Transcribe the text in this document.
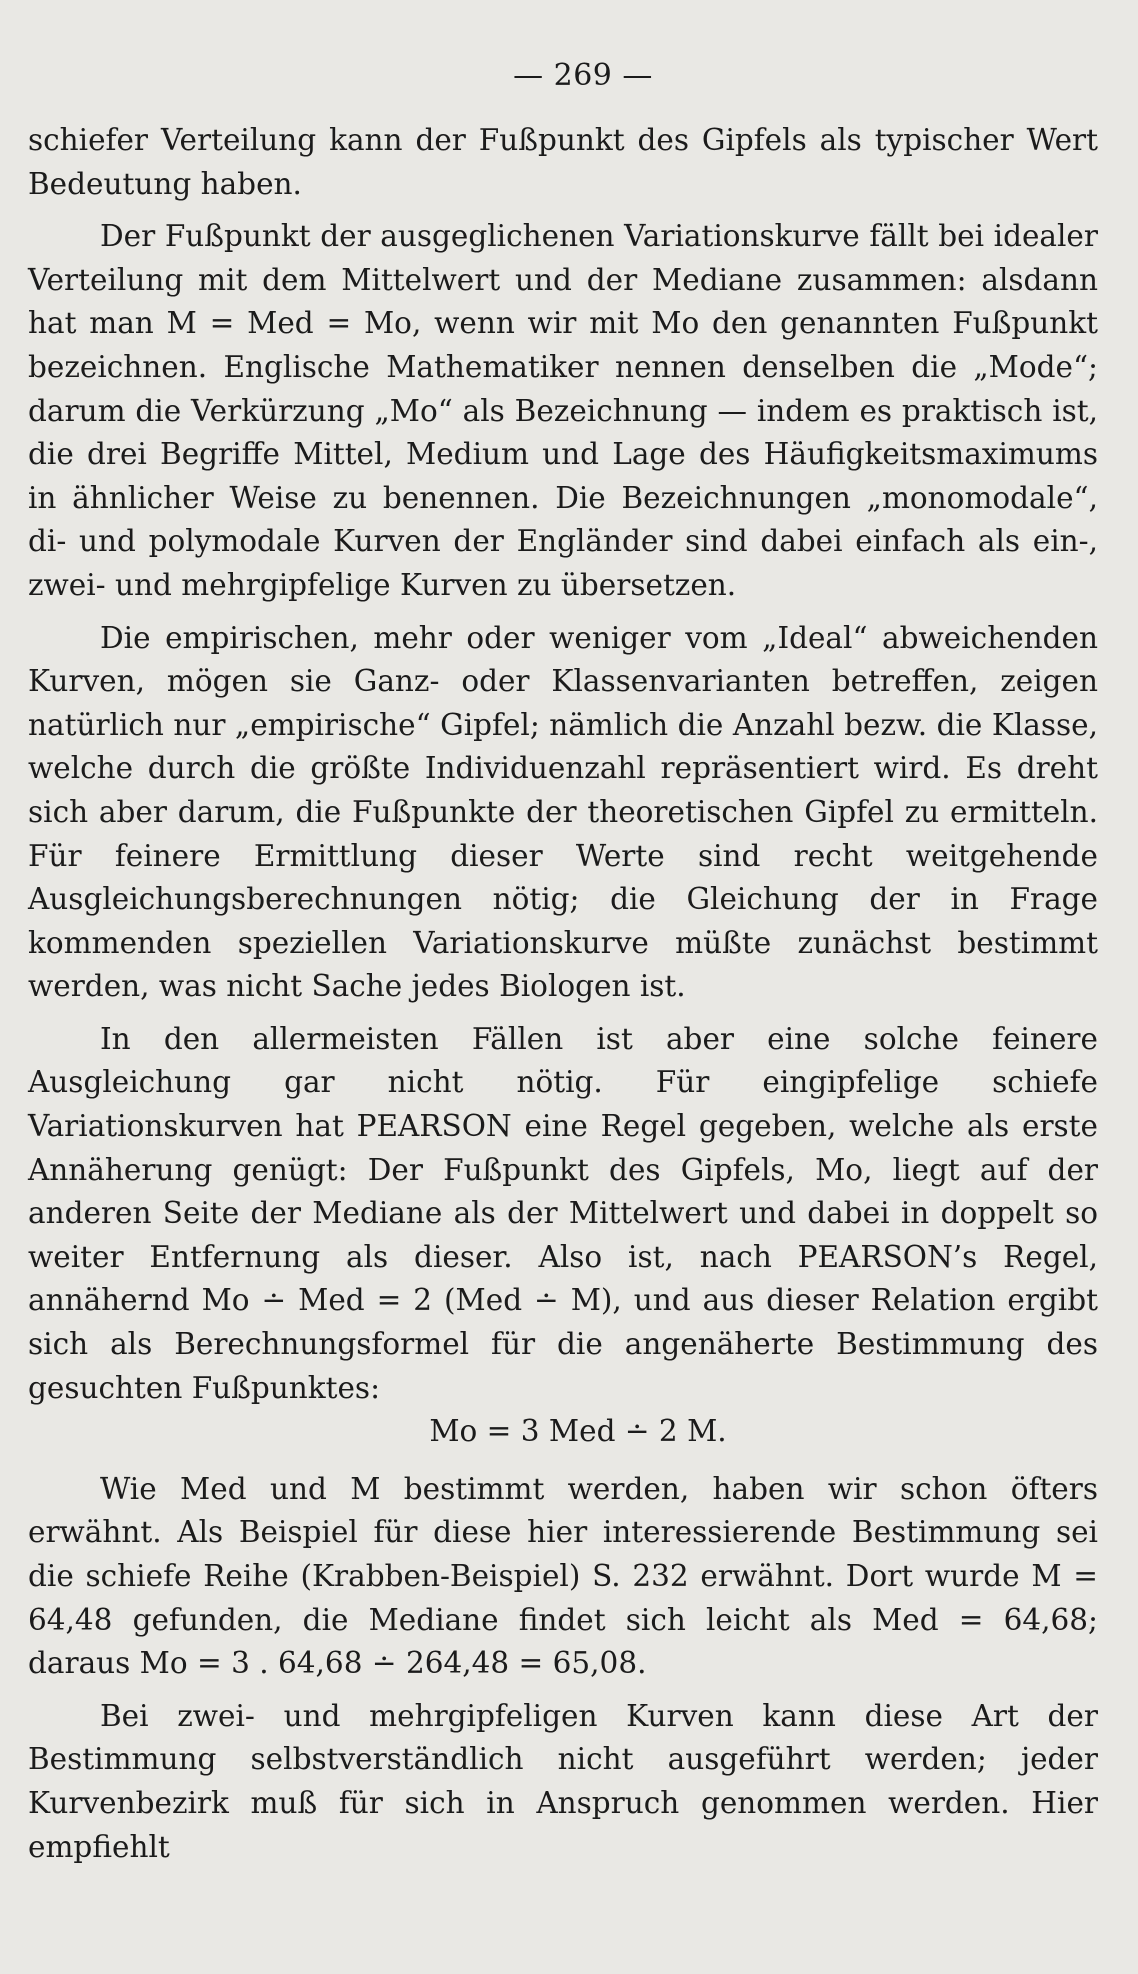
— 269 —

schiefer Verteilung kann der Fußpunkt des Gipfels als typischer Wert Bedeutung haben.

Der Fußpunkt der ausgeglichenen Variationskurve fällt bei idealer Verteilung mit dem Mittelwert und der Mediane zusammen: alsdann hat man M = Med = Mo, wenn wir mit Mo den genannten Fußpunkt bezeichnen. Englische Mathematiker nennen denselben die „Mode“; darum die Verkürzung „Mo“ als Bezeichnung — indem es praktisch ist, die drei Begriffe Mittel, Medium und Lage des Häufigkeitsmaximums in ähnlicher Weise zu benennen. Die Bezeichnungen „monomodale“, di- und polymodale Kurven der Engländer sind dabei einfach als ein-, zwei- und mehrgipfelige Kurven zu übersetzen.

Die empirischen, mehr oder weniger vom „Ideal“ abweichenden Kurven, mögen sie Ganz- oder Klassenvarianten betreffen, zeigen natürlich nur „empirische“ Gipfel; nämlich die Anzahl bezw. die Klasse, welche durch die größte Individuenzahl repräsentiert wird. Es dreht sich aber darum, die Fußpunkte der theoretischen Gipfel zu ermitteln. Für feinere Ermittlung dieser Werte sind recht weitgehende Ausgleichungsberechnungen nötig; die Gleichung der in Frage kommenden speziellen Variationskurve müßte zunächst bestimmt werden, was nicht Sache jedes Biologen ist.

In den allermeisten Fällen ist aber eine solche feinere Ausgleichung gar nicht nötig. Für eingipfelige schiefe Variationskurven hat PEARSON eine Regel gegeben, welche als erste Annäherung genügt: Der Fußpunkt des Gipfels, Mo, liegt auf der anderen Seite der Mediane als der Mittelwert und dabei in doppelt so weiter Entfernung als dieser. Also ist, nach PEARSON’s Regel, annähernd Mo ∸ Med = 2 (Med ∸ M), und aus dieser Relation ergibt sich als Berechnungsformel für die angenäherte Bestimmung des gesuchten Fußpunktes:

Mo = 3 Med ∸ 2 M.

Wie Med und M bestimmt werden, haben wir schon öfters erwähnt. Als Beispiel für diese hier interessierende Bestimmung sei die schiefe Reihe (Krabben-Beispiel) S. 232 erwähnt. Dort wurde M = 64,48 gefunden, die Mediane findet sich leicht als Med = 64,68; daraus Mo = 3 . 64,68 ∸ 264,48 = 65,08.

Bei zwei- und mehrgipfeligen Kurven kann diese Art der Bestimmung selbstverständlich nicht ausgeführt werden; jeder Kurvenbezirk muß für sich in Anspruch genommen werden. Hier empfiehlt
